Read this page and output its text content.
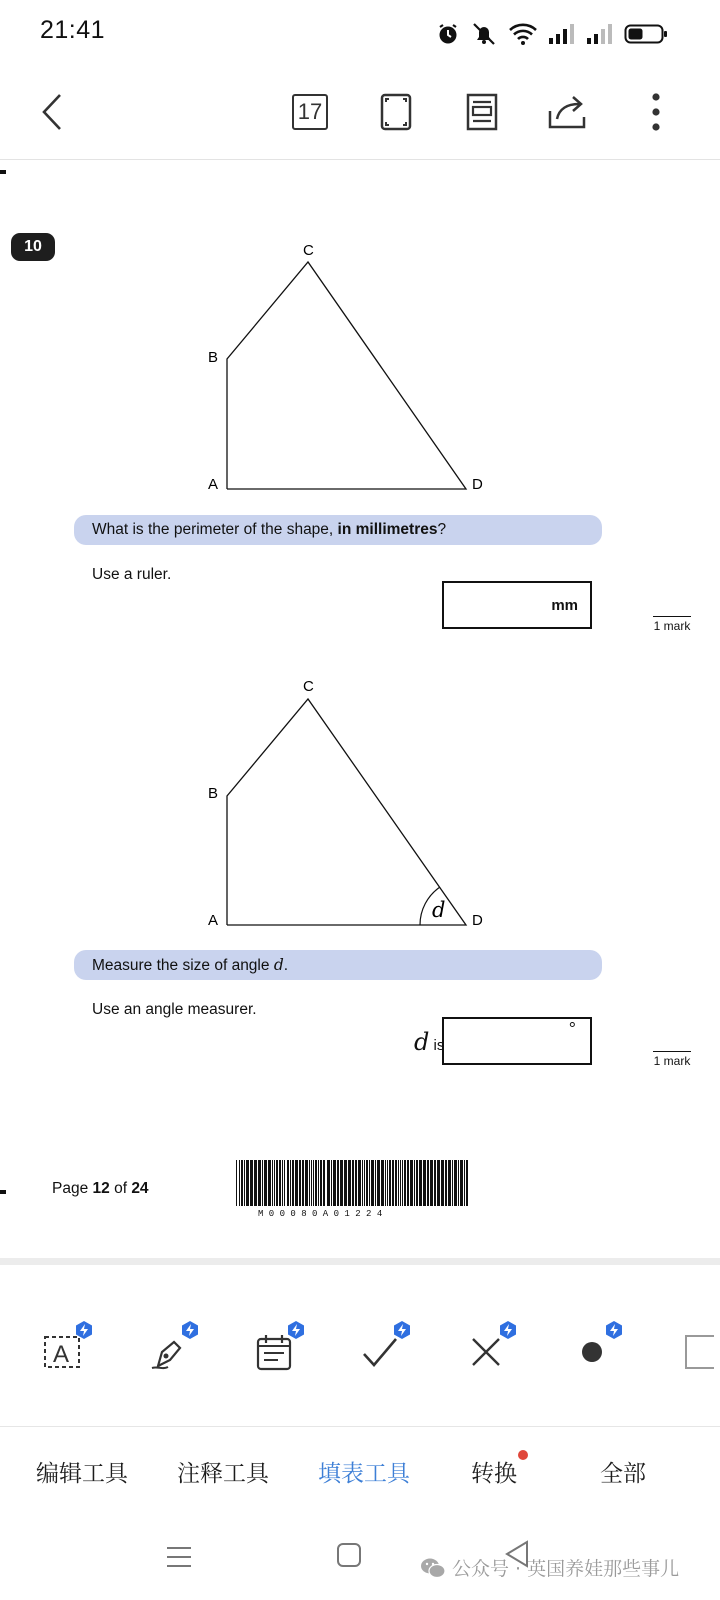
21:41
17
10	C
B
A	D
What is the perimeter of the shape, in millimetres?
Use a ruler.
mm
1 mark
C
B
A	D
d
Measure the size of angle d.
Use an angle measurer.
d is
°
1 mark
Page 12 of 24
M 0 0 0 8 0 A 0 1 2 2 4
A
编辑工具 注释工具 填表工具	转换	全部
公众号 · 英国养娃那些事儿
